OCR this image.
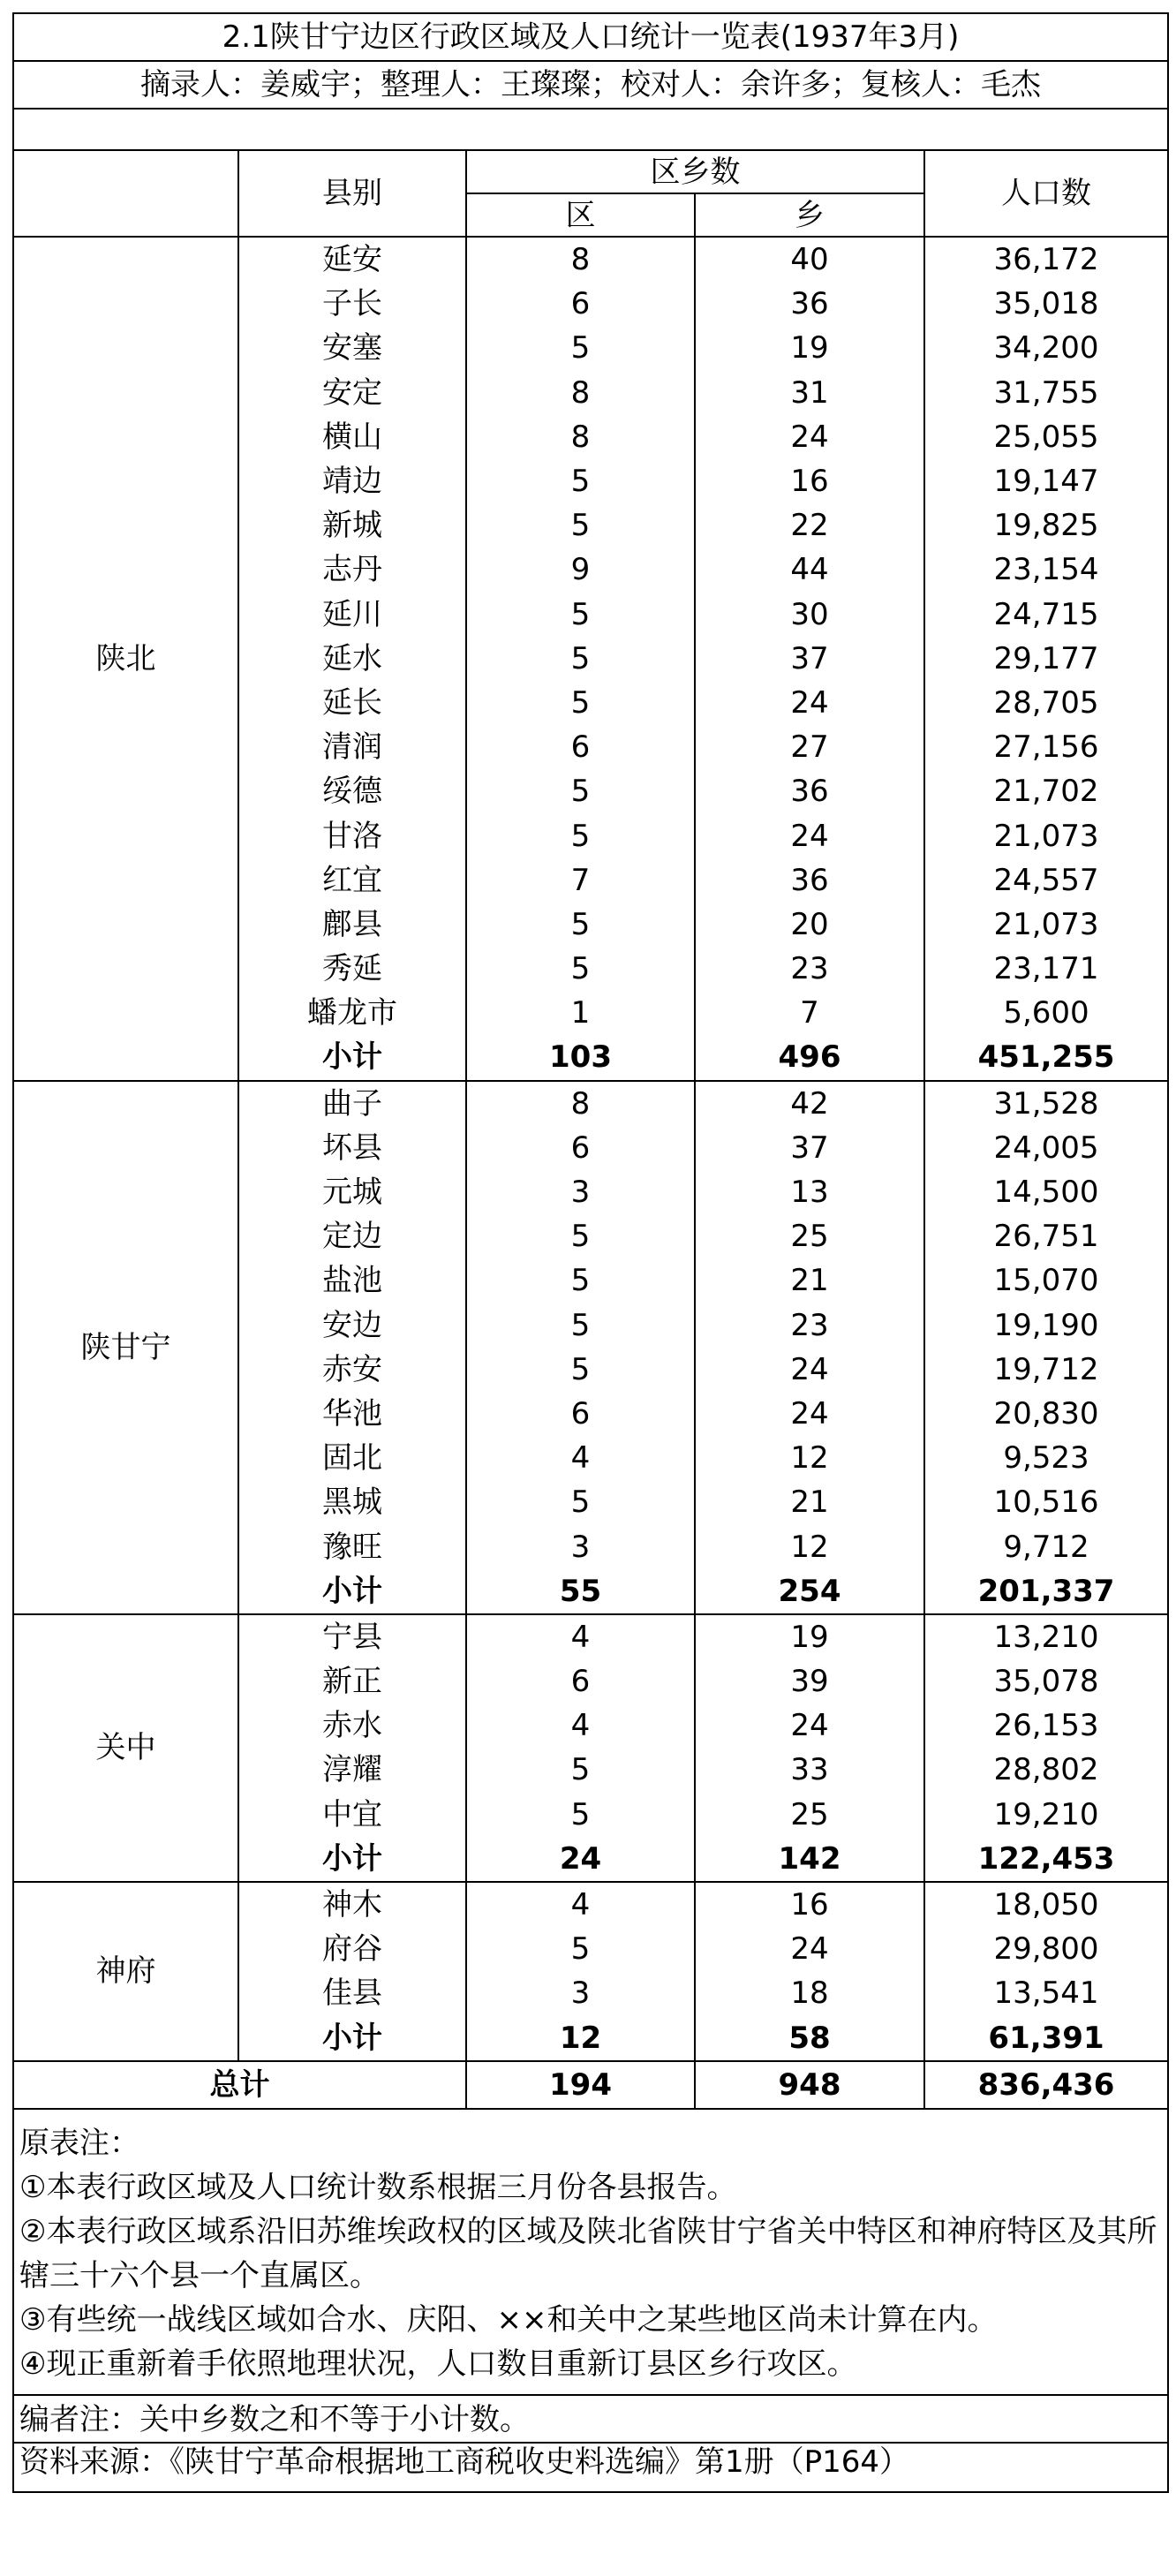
2.1陕甘宁边区行政区域及人口统计一览表(1937年3月)				
摘录人：姜威宇；整理人：王璨璨；校对人：余许多；复核人：毛杰				

	县别	区乡数		人口数
		区	乡	
陕北	延安	8	40	36,172
	子长	6	36	35,018
	安塞	5	19	34,200
	安定	8	31	31,755
	横山	8	24	25,055
	靖边	5	16	19,147
	新城	5	22	19,825
	志丹	9	44	23,154
	延川	5	30	24,715
	延水	5	37	29,177
	延长	5	24	28,705
	清润	6	27	27,156
	绥德	5	36	21,702
	甘洛	5	24	21,073
	红宜	7	36	24,557
	鄜县	5	20	21,073
	秀延	5	23	23,171
	蟠龙市	1	7	5,600
	小计	103	496	451,255
陕甘宁	曲子	8	42	31,528
	坏县	6	37	24,005
	元城	3	13	14,500
	定边	5	25	26,751
	盐池	5	21	15,070
	安边	5	23	19,190
	赤安	5	24	19,712
	华池	6	24	20,830
	固北	4	12	9,523
	黑城	5	21	10,516
	豫旺	3	12	9,712
	小计	55	254	201,337
关中	宁县	4	19	13,210
	新正	6	39	35,078
	赤水	4	24	26,153
	淳耀	5	33	28,802
	中宜	5	25	19,210
	小计	24	142	122,453
神府	神木	4	16	18,050
	府谷	5	24	29,800
	佳县	3	18	13,541
	小计	12	58	61,391
总计		194	948	836,436

原表注：
①本表行政区域及人口统计数系根据三月份各县报告。
②本表行政区域系沿旧苏维埃政权的区域及陕北省陕甘宁省关中特区和神府特区及其所辖三十六个县一个直属区。
③有些统一战线区域如合水、庆阳、××和关中之某些地区尚未计算在内。
④现正重新着手依照地理状况，人口数目重新订县区乡行攻区。				

编者注：关中乡数之和不等于小计数。				
资料来源：《陕甘宁革命根据地工商税收史料选编》第1册（P164）				
